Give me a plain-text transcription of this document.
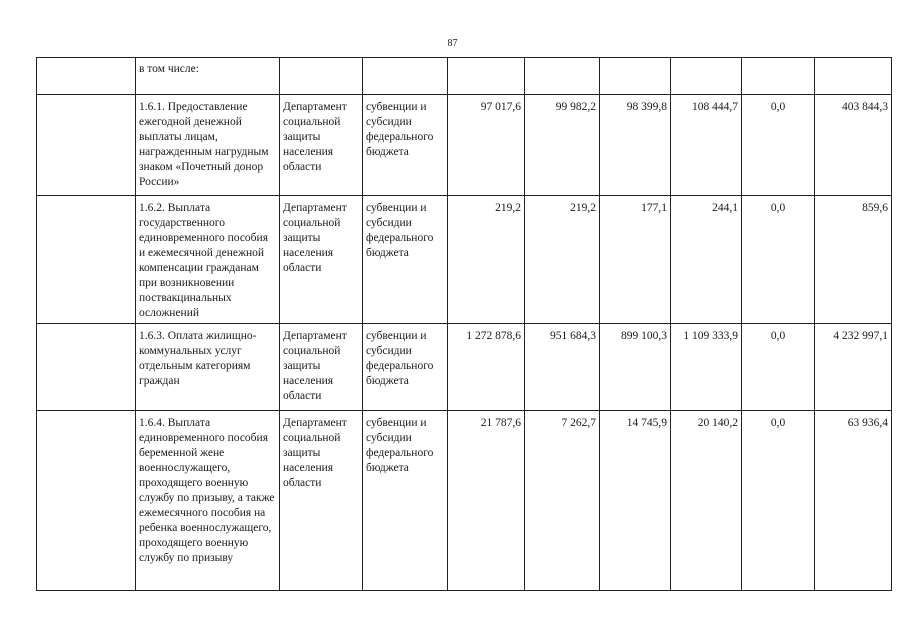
87
	в том числе:								
	1.6.1. Предоставление ежегодной денежной выплаты лицам, награжденным нагрудным знаком «Почетный донор России»	Департамент социальной защиты населения области	субвенции и субсидии федерального бюджета	97 017,6	99 982,2	98 399,8	108 444,7	0,0	403 844,3
	1.6.2. Выплата государственного единовременного пособия и ежемесячной денежной компенсации гражданам при возникновении поствакцинальных осложнений	Департамент социальной защиты населения области	субвенции и субсидии федерального бюджета	219,2	219,2	177,1	244,1	0,0	859,6
	1.6.3. Оплата жилищно-коммунальных услуг отдельным категориям граждан	Департамент социальной защиты населения области	субвенции и субсидии федерального бюджета	1 272 878,6	951 684,3	899 100,3	1 109 333,9	0,0	4 232 997,1
	1.6.4. Выплата единовременного пособия беременной жене военнослужащего, проходящего военную службу по призыву, а также ежемесячного пособия на ребенка военнослужащего, проходящего военную службу по призыву	Департамент социальной защиты населения области	субвенции и субсидии федерального бюджета	21 787,6	7 262,7	14 745,9	20 140,2	0,0	63 936,4
